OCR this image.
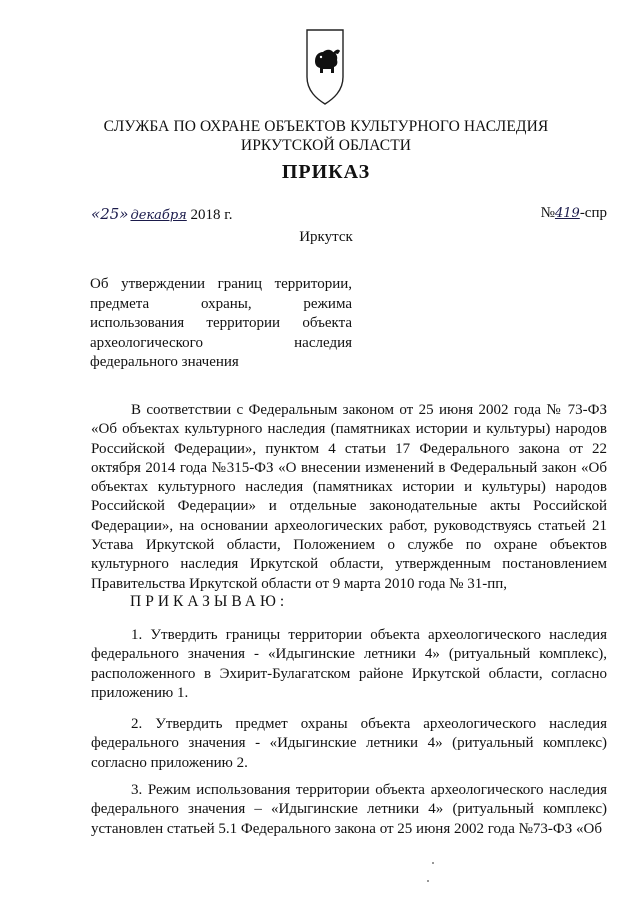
СЛУЖБА ПО ОХРАНЕ ОБЪЕКТОВ КУЛЬТУРНОГО НАСЛЕДИЯ
ИРКУТСКОЙ ОБЛАСТИ
ПРИКАЗ
«25» декабря 2018 г.	№419-спр
Иркутск
Об утверждении границ территории, предмета охраны, режима использования территории объекта археологического наследия федерального значения
В соответствии с Федеральным законом от 25 июня 2002 года № 73-ФЗ «Об объектах культурного наследия (памятниках истории и культуры) народов Российской Федерации», пунктом 4 статьи 17 Федерального закона от 22 октября 2014 года №315-ФЗ «О внесении изменений в Федеральный закон «Об объектах культурного наследия (памятниках истории и культуры) народов Российской Федерации» и отдельные законодательные акты Российской Федерации», на основании археологических работ, руководствуясь статьей 21 Устава Иркутской области, Положением о службе по охране объектов культурного наследия Иркутской области, утвержденным постановлением Правительства Иркутской области от 9 марта 2010 года № 31-пп,
ПРИКАЗЫВАЮ:
1. Утвердить границы территории объекта археологического наследия федерального значения - «Идыгинские летники 4» (ритуальный комплекс), расположенного в Эхирит-Булагатском районе Иркутской области, согласно приложению 1.
2. Утвердить предмет охраны объекта археологического наследия федерального значения - «Идыгинские летники 4» (ритуальный комплекс) согласно приложению 2.
3. Режим использования территории объекта археологического наследия федерального значения – «Идыгинские летники 4» (ритуальный комплекс) установлен статьей 5.1 Федерального закона от 25 июня 2002 года №73-ФЗ «Об
